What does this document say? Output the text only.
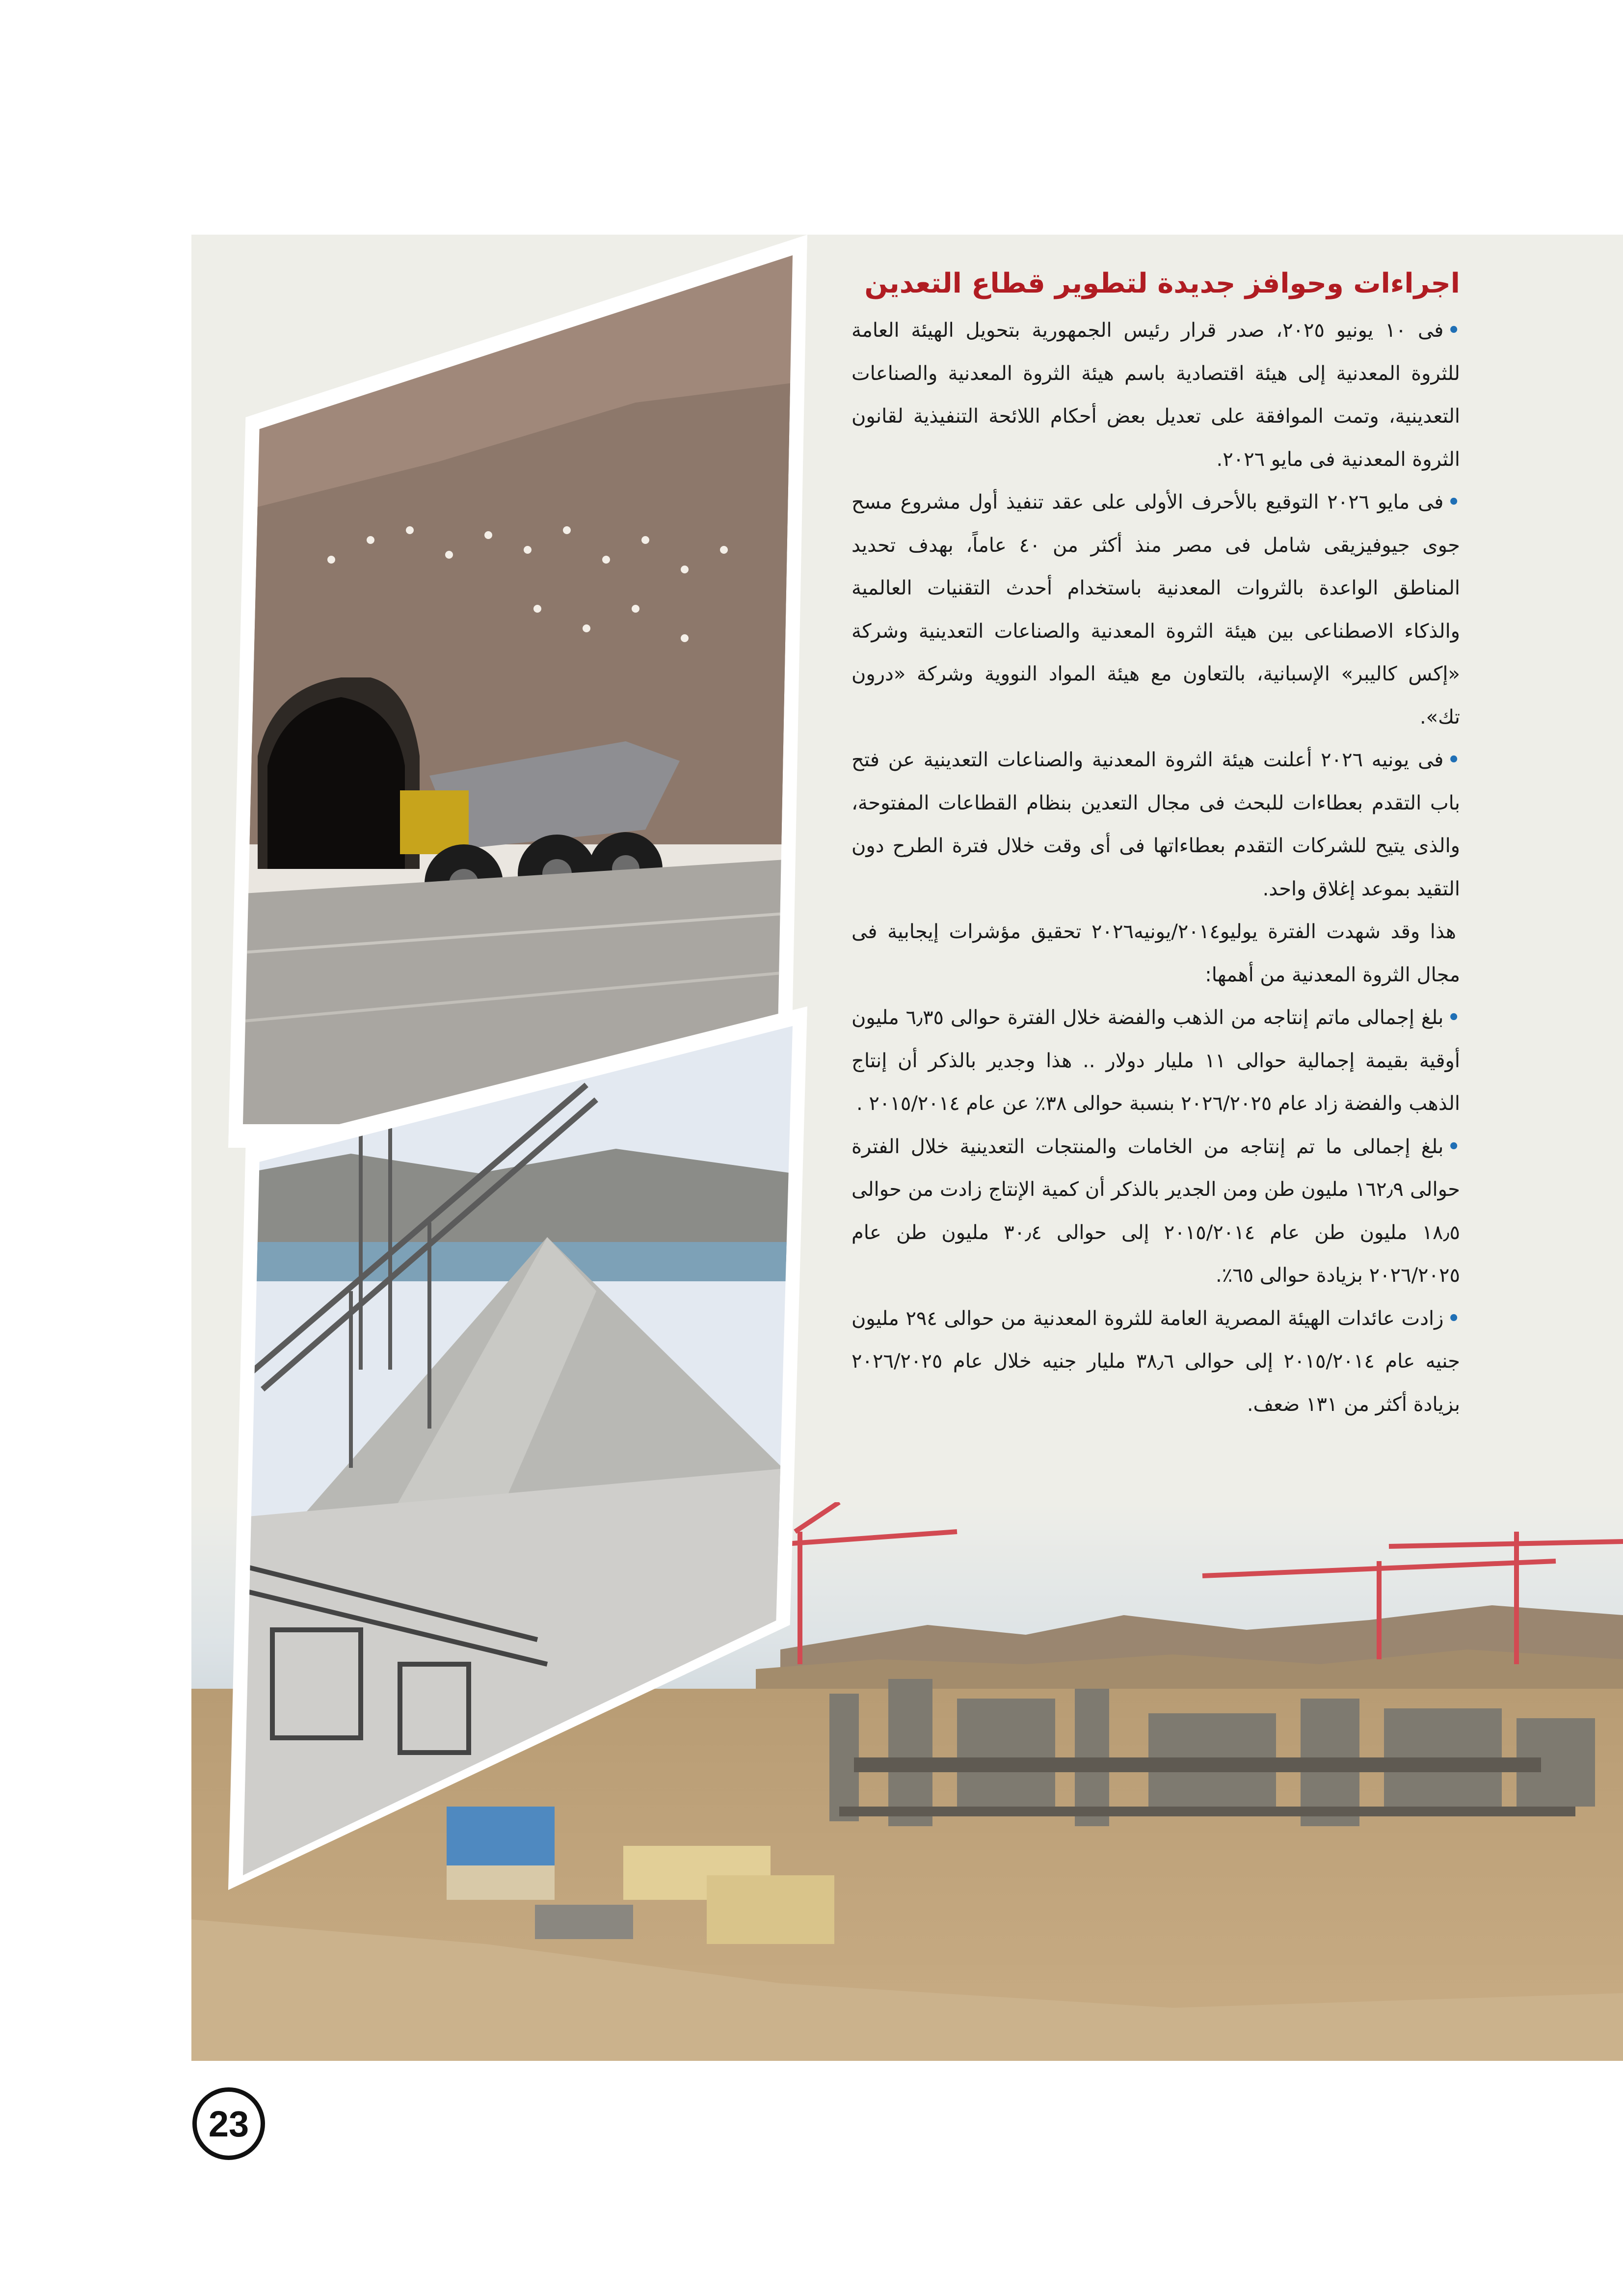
اجراءات وحوافز جديدة لتطوير قطاع التعدين

•فى ١٠ يونيو ٢٠٢٥، صدر قرار رئيس الجمهورية بتحويل الهيئة العامة للثروة المعدنية إلى هيئة اقتصادية باسم هيئة الثروة المعدنية والصناعات التعدينية، وتمت الموافقة على تعديل بعض أحكام اللائحة التنفيذية لقانون الثروة المعدنية فى مايو ٢٠٢٦.

•فى مايو ٢٠٢٦ التوقيع بالأحرف الأولى على عقد تنفيذ أول مشروع مسح جوى جيوفيزيقى شامل فى مصر منذ أكثر من ٤٠ عاماً، بهدف تحديد المناطق الواعدة بالثروات المعدنية باستخدام أحدث التقنيات العالمية والذكاء الاصطناعى بين هيئة الثروة المعدنية والصناعات التعدينية وشركة «إكس كاليبر» الإسبانية، بالتعاون مع هيئة المواد النووية وشركة «درون تك».

•فى يونيه ٢٠٢٦ أعلنت هيئة الثروة المعدنية والصناعات التعدينية عن فتح باب التقدم بعطاءات للبحث فى مجال التعدين بنظام القطاعات المفتوحة، والذى يتيح للشركات التقدم بعطاءاتها فى أى وقت خلال فترة الطرح دون التقيد بموعد إغلاق واحد.

هذا وقد شهدت الفترة يوليو٢٠١٤/يونيه٢٠٢٦ تحقيق مؤشرات إيجابية فى مجال الثروة المعدنية من أهمها:

•بلغ إجمالى ماتم إنتاجه من الذهب والفضة خلال الفترة حوالى ٦٫٣٥ مليون أوقية بقيمة إجمالية حوالى ١١ مليار دولار .. هذا وجدير بالذكر أن إنتاج الذهب والفضة زاد عام ٢٠٢٦/٢٠٢٥ بنسبة حوالى ٣٨٪ عن عام ٢٠١٥/٢٠١٤ .

•بلغ إجمالى ما تم إنتاجه من الخامات والمنتجات التعدينية خلال الفترة حوالى ١٦٢٫٩ مليون طن ومن الجدير بالذكر أن كمية الإنتاج زادت من حوالى ١٨٫٥ مليون طن عام ٢٠١٥/٢٠١٤ إلى حوالى ٣٠٫٤ مليون طن عام ٢٠٢٦/٢٠٢٥ بزيادة حوالى ٦٥٪.

•زادت عائدات الهيئة المصرية العامة للثروة المعدنية من حوالى ٢٩٤ مليون جنيه عام ٢٠١٥/٢٠١٤ إلى حوالى ٣٨٫٦ مليار جنيه خلال عام ٢٠٢٦/٢٠٢٥ بزيادة أكثر من ١٣١ ضعف.

23
